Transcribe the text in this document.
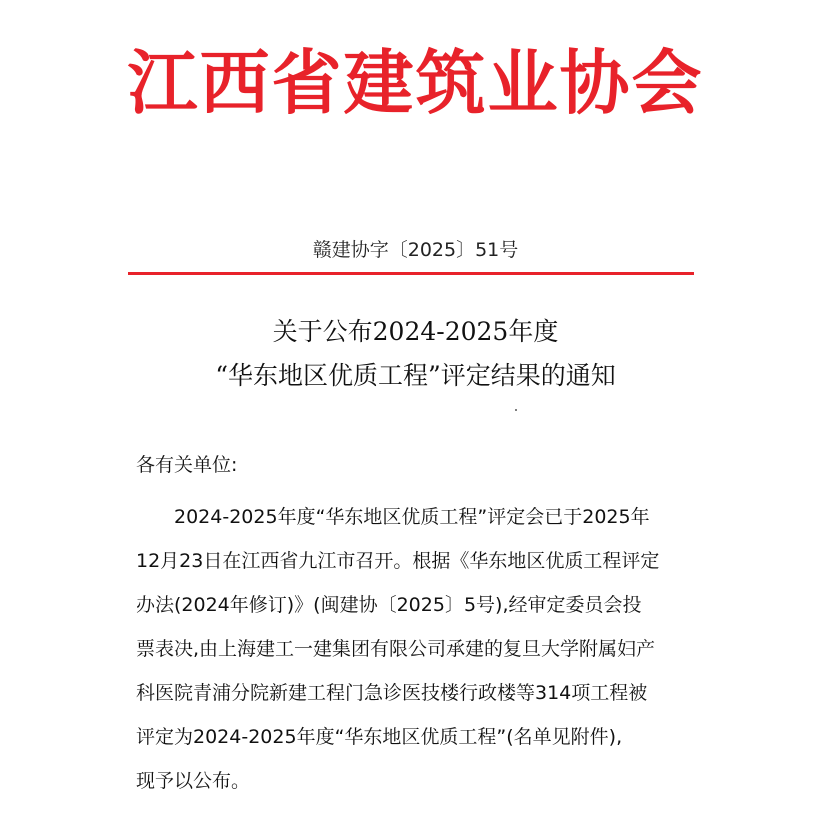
江西省建筑业协会
赣建协字〔2025〕51号
关于公布2024-2025年度
“华东地区优质工程”评定结果的通知
各有关单位:
2024-2025年度“华东地区优质工程”评定会已于2025年
12月23日在江西省九江市召开。根据《华东地区优质工程评定
办法(2024年修订)》(闽建协〔2025〕5号),经审定委员会投
票表决,由上海建工一建集团有限公司承建的复旦大学附属妇产
科医院青浦分院新建工程门急诊医技楼行政楼等314项工程被
评定为2024-2025年度“华东地区优质工程”(名单见附件),
现予以公布。
